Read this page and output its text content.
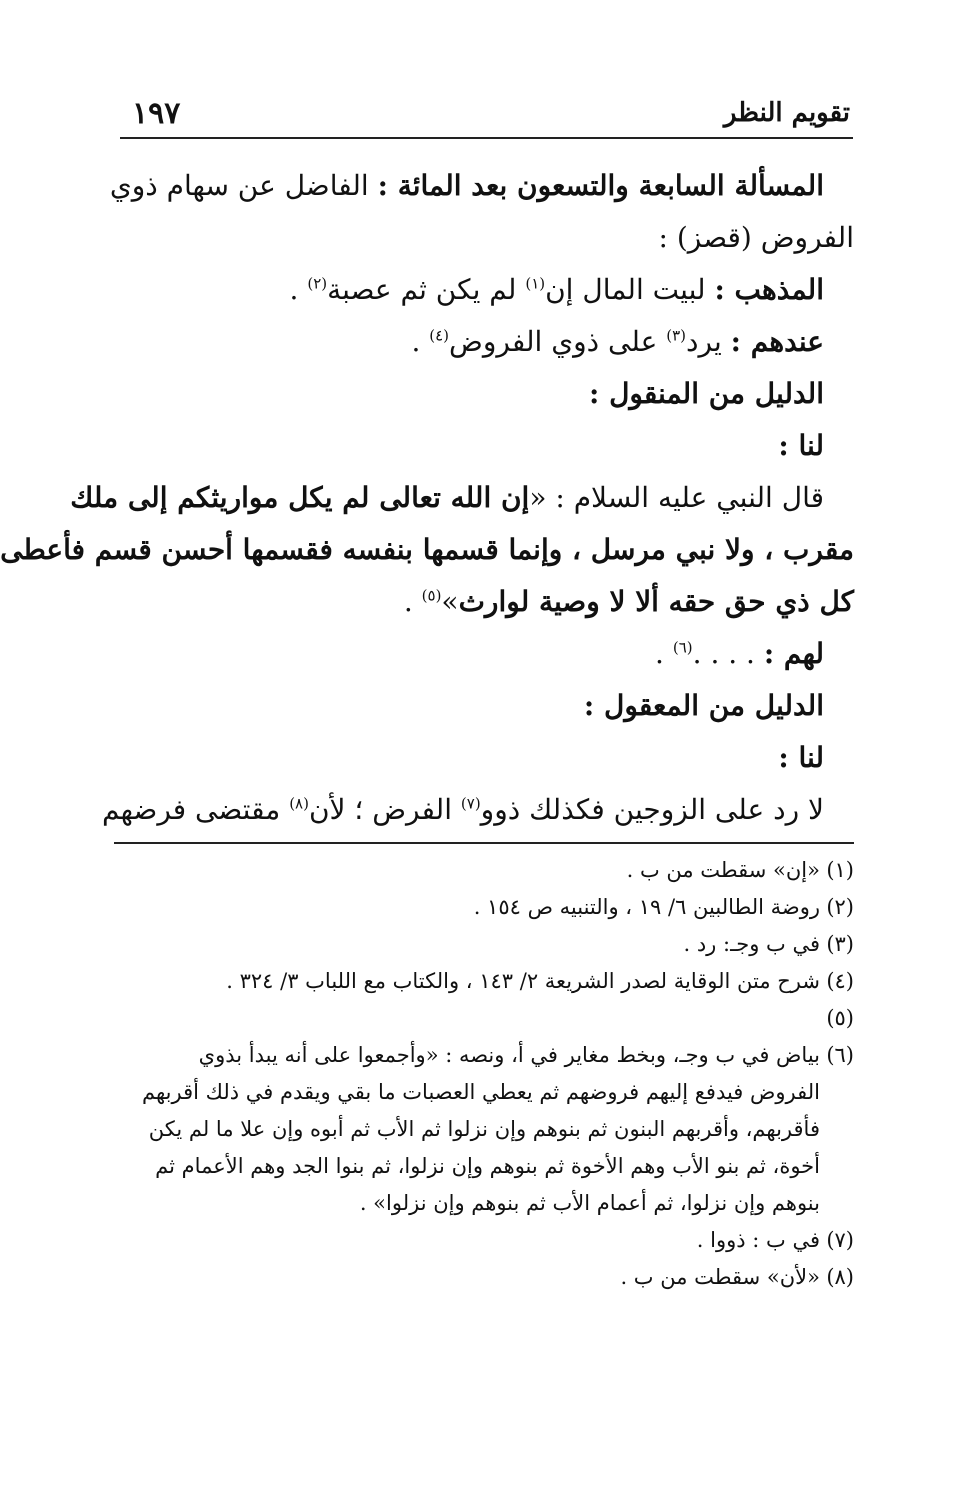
تقويم النظر
١٩٧
المسألة السابعة والتسعون بعد المائة : الفاضل عن سهام ذوي
الفروض (قصز) :
المذهب : لبيت المال إن$^{(١)}$ لم يكن ثم عصبة$^{(٢)}$ .
عندهم : يرد$^{(٣)}$ على ذوي الفروض$^{(٤)}$ .
الدليل من المنقول :
لنا :
قال النبي عليه السلام : «إن الله تعالى لم يكل مواريثكم إلى ملك
مقرب ، ولا نبي مرسل ، وإنما قسمها بنفسه فقسمها أحسن قسم فأعطى
كل ذي حق حقه ألا لا وصية لوارث»$^{(٥)}$ .
لهم : . . . .$^{(٦)}$ .
الدليل من المعقول :
لنا :
لا رد على الزوجين فكذلك ذوو$^{(٧)}$ الفرض ؛ لأن$^{(٨)}$ مقتضى فرضهم
(١)«إن» سقطت من ب .
(٢)روضة الطالبين ٦/ ١٩ ، والتنبيه ص ١٥٤ .
(٣)في ب وجـ: رد .
(٤)شرح متن الوقاية لصدر الشريعة ٢/ ١٤٣ ، والكتاب مع اللباب ٣/ ٣٢٤ .
(٥)
(٦)بياض في ب وجـ، وبخط مغاير في أ، ونصه : «وأجمعوا على أنه يبدأ بذوي
الفروض فيدفع إليهم فروضهم ثم يعطي العصبات ما بقي ويقدم في ذلك أقربهم
فأقربهم، وأقربهم البنون ثم بنوهم وإن نزلوا ثم الأب ثم أبوه وإن علا ما لم يكن
أخوة، ثم بنو الأب وهم الأخوة ثم بنوهم وإن نزلوا، ثم بنوا الجد وهم الأعمام ثم
بنوهم وإن نزلوا، ثم أعمام الأب ثم بنوهم وإن نزلوا» .
(٧)في ب : ذووا .
(٨)«لأن» سقطت من ب .
